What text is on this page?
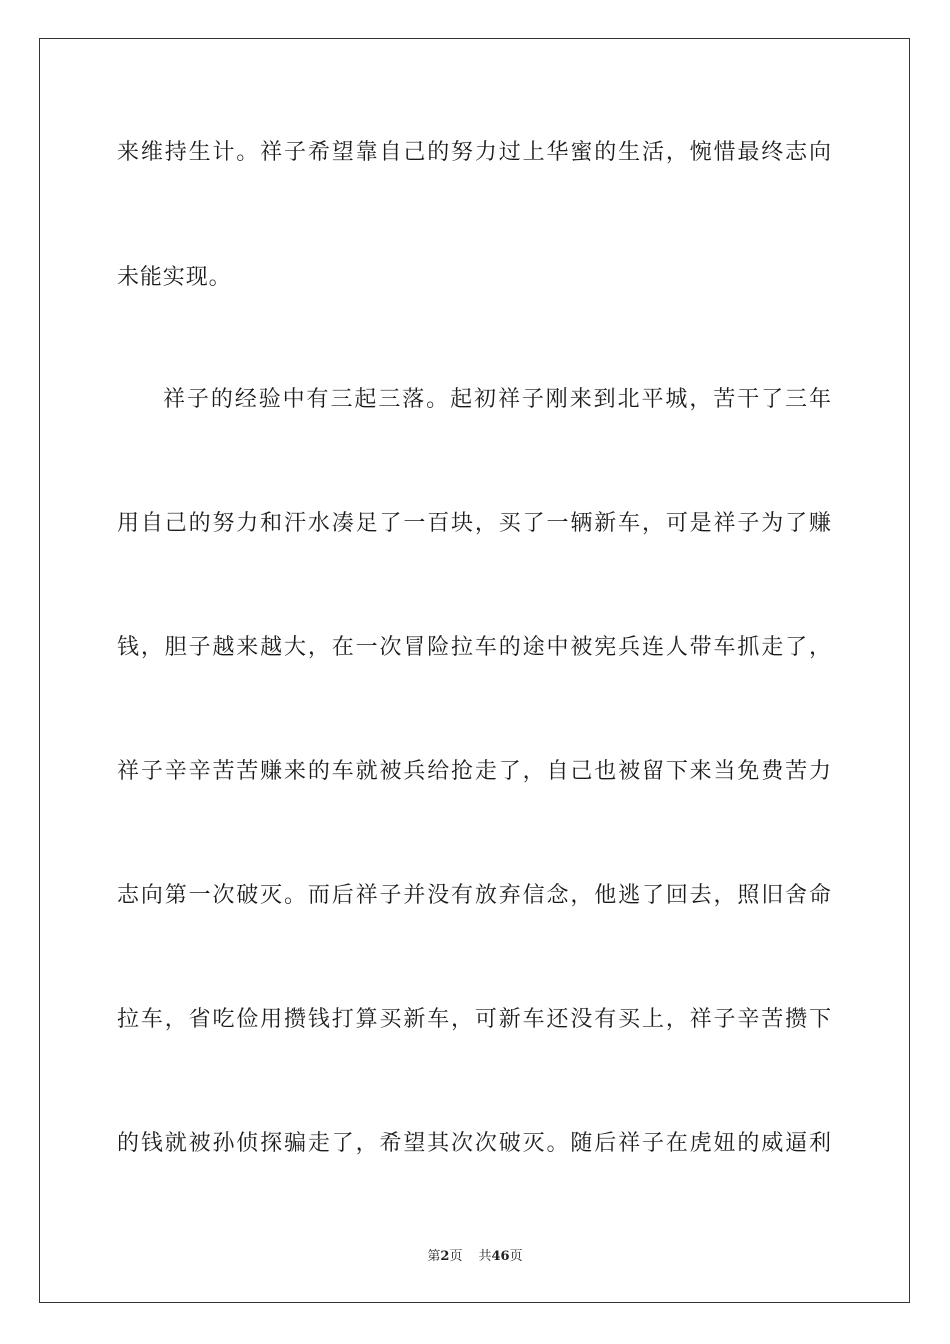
来维持生计。祥子希望靠自己的努力过上华蜜的生活，惋惜最终志向
未能实现。
祥子的经验中有三起三落。起初祥子刚来到北平城，苦干了三年
用自己的努力和汗水凑足了一百块，买了一辆新车，可是祥子为了赚
钱，胆子越来越大，在一次冒险拉车的途中被宪兵连人带车抓走了，
祥子辛辛苦苦赚来的车就被兵给抢走了，自己也被留下来当免费苦力
志向第一次破灭。而后祥子并没有放弃信念，他逃了回去，照旧舍命
拉车，省吃俭用攒钱打算买新车，可新车还没有买上，祥子辛苦攒下
的钱就被孙侦探骗走了，希望其次次破灭。随后祥子在虎妞的威逼利
第2页 共46页
